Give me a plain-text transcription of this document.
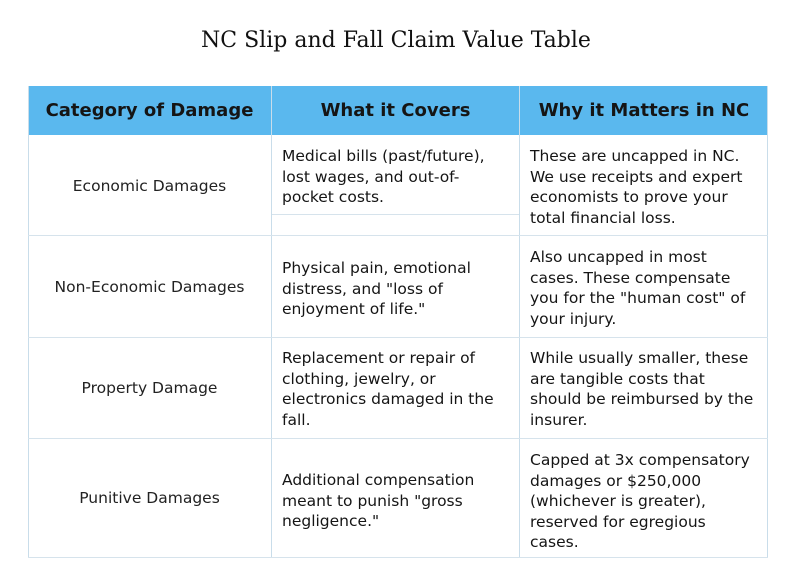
NC Slip and Fall Claim Value Table
Category of Damage	What it Covers	Why it Matters in NC
Economic Damages
Medical bills (past/future), lost wages, and out-of-pocket costs.
These are uncapped in NC. We use receipts and expert economists to prove your total financial loss.
Non-Economic Damages
Physical pain, emotional distress, and "loss of enjoyment of life."
Also uncapped in most cases. These compensate you for the "human cost" of your injury.
Property Damage
Replacement or repair of clothing, jewelry, or electronics damaged in the fall.
While usually smaller, these are tangible costs that should be reimbursed by the insurer.
Punitive Damages
Additional compensation meant to punish "gross negligence."
Capped at 3x compensatory damages or $250,000 (whichever is greater), reserved for egregious cases.
